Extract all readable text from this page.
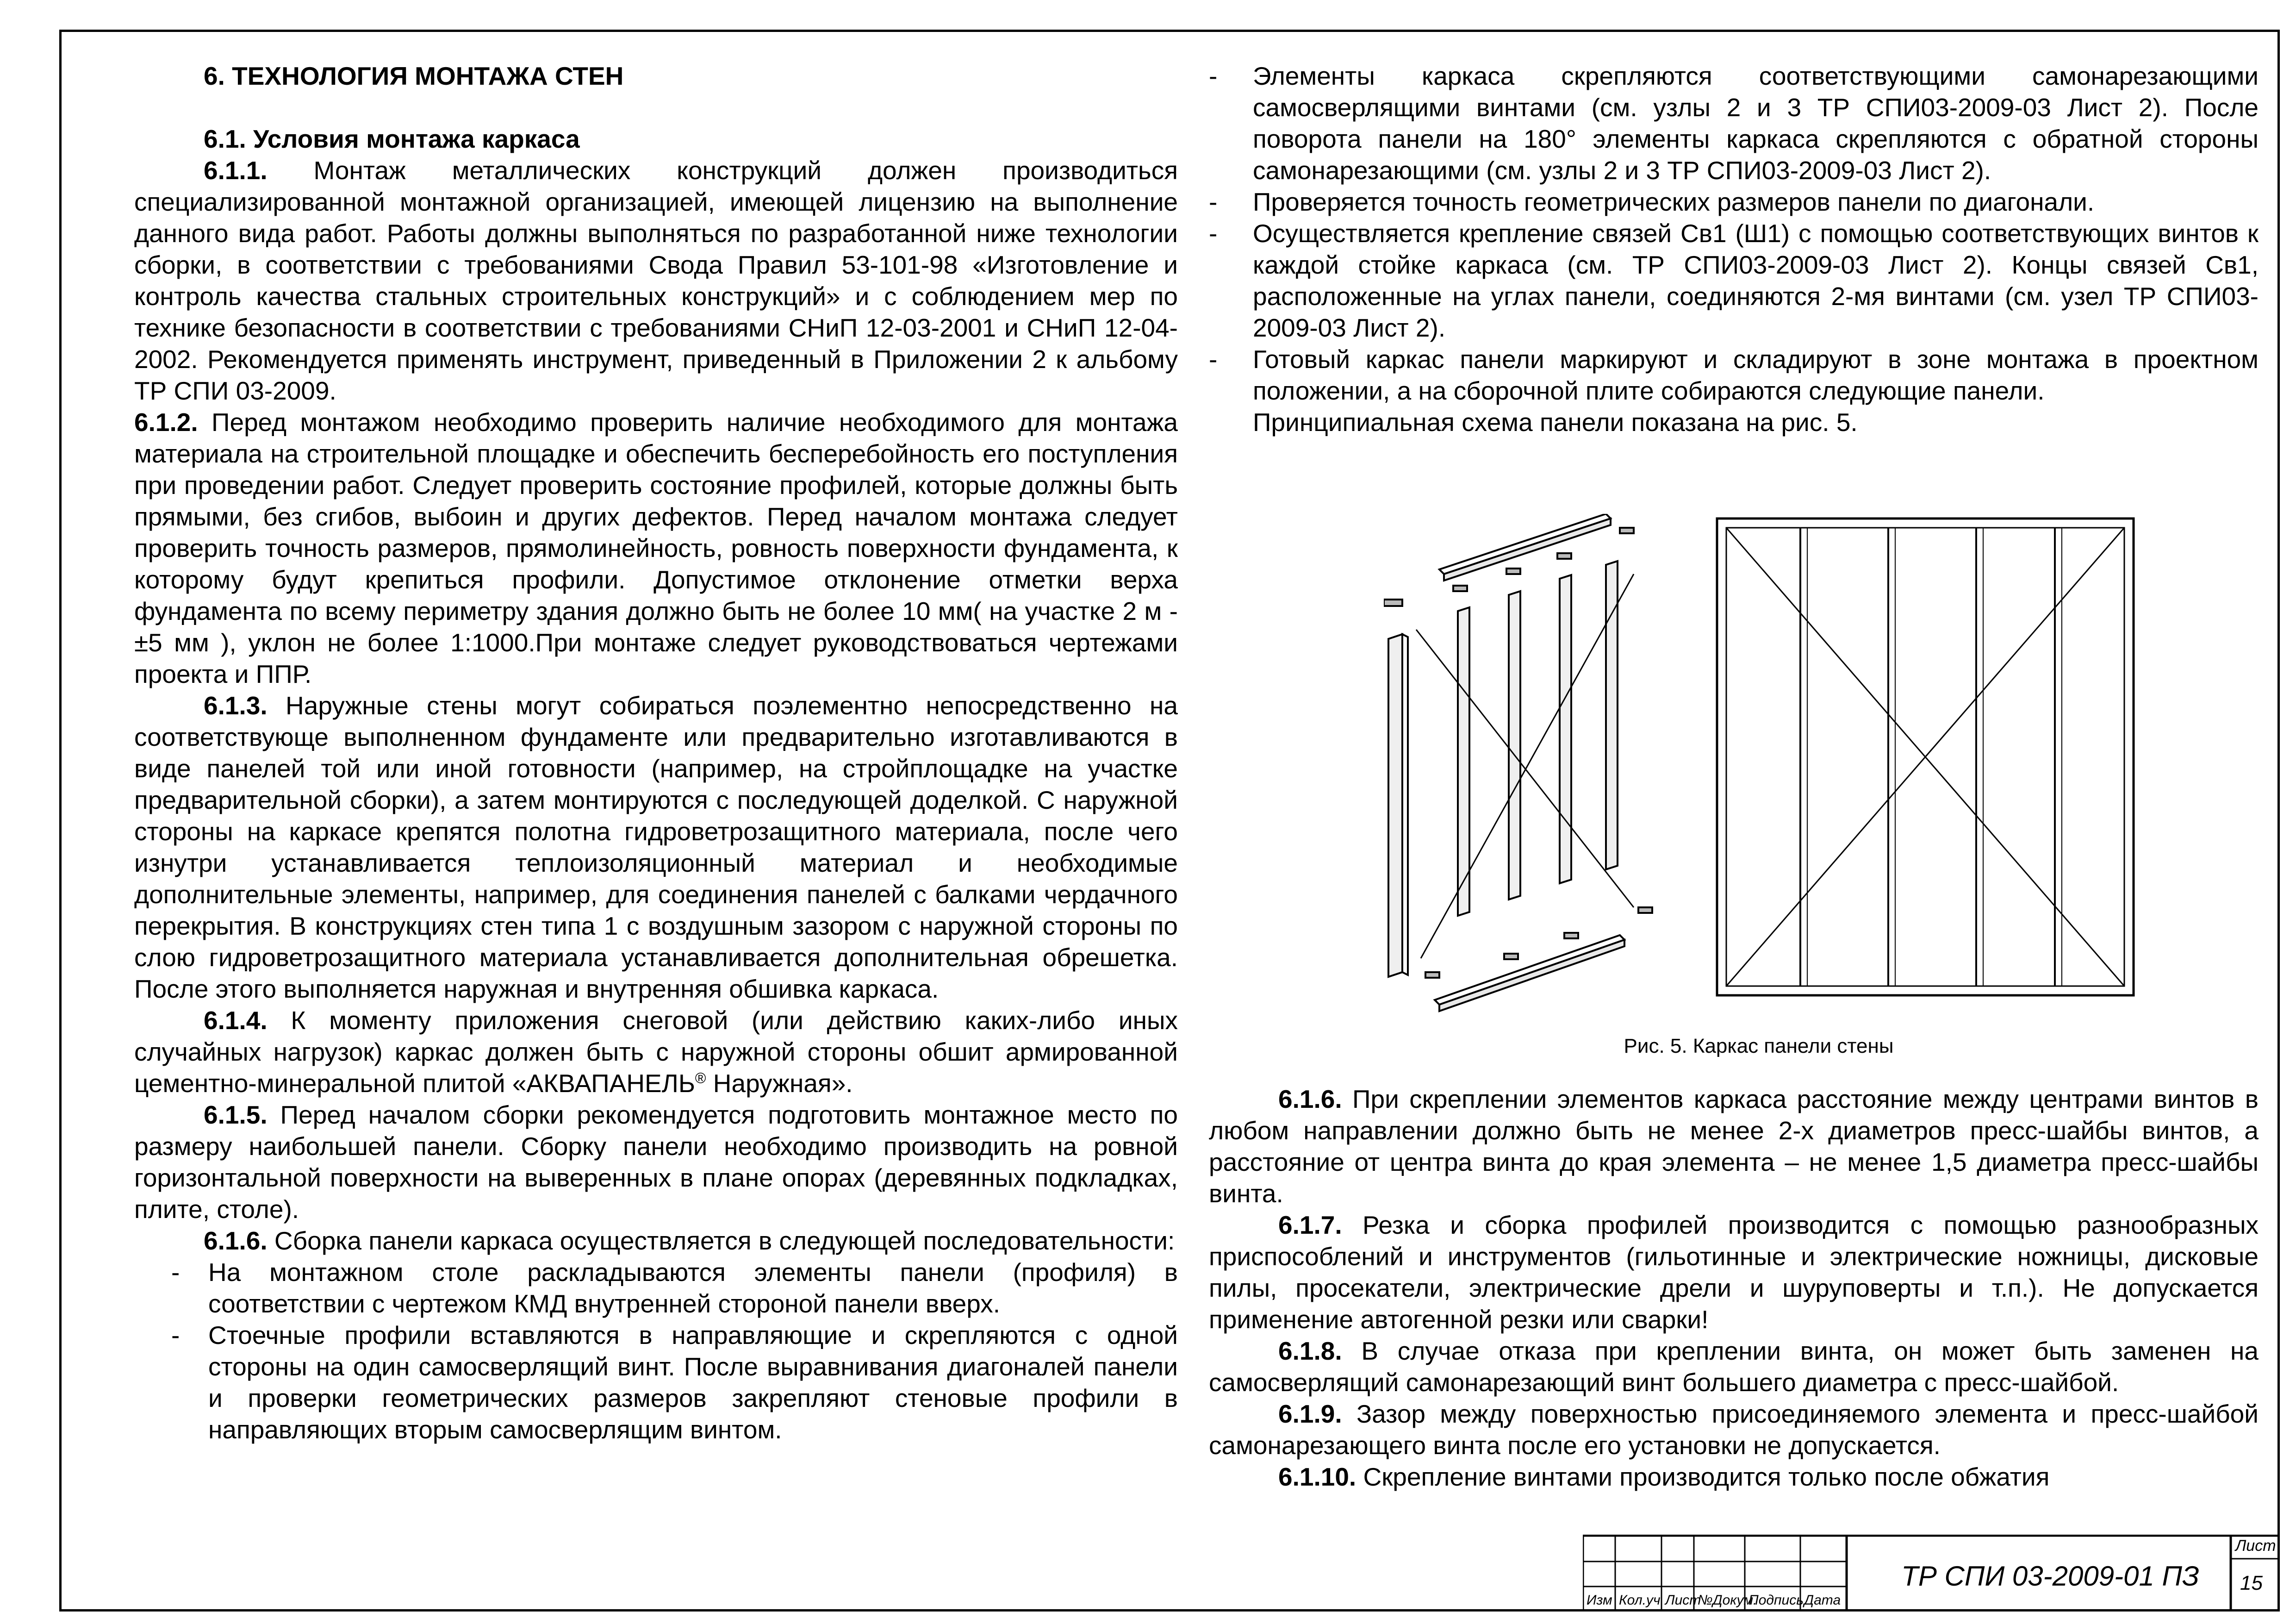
6. ТЕХНОЛОГИЯ МОНТАЖА СТЕН

6.1. Условия монтажа каркаса

6.1.1. Монтаж металлических конструкций должен производиться специализированной монтажной организацией, имеющей лицензию на выполнение данного вида работ. Работы должны выполняться по разработанной ниже технологии сборки, в соответствии с требованиями Свода Правил 53-101-98 «Изготовление и контроль качества стальных строительных конструкций» и с соблюдением мер по технике безопасности в соответствии с требованиями СНиП 12-03-2001 и СНиП 12-04-2002. Рекомендуется применять инструмент, приведенный в Приложении 2 к альбому ТР СПИ 03-2009.

6.1.2. Перед монтажом необходимо проверить наличие необходимого для монтажа материала на строительной площадке и обеспечить бесперебойность его поступления при проведении работ. Следует проверить состояние профилей, которые должны быть прямыми, без сгибов, выбоин и других дефектов. Перед началом монтажа следует проверить точность размеров, прямолинейность, ровность поверхности фундамента, к которому будут крепиться профили. Допустимое отклонение отметки верха фундамента по всему периметру здания должно быть не более 10 мм( на участке 2 м - ±5 мм ), уклон не более 1:1000.При монтаже следует руководствоваться чертежами проекта и ППР.

6.1.3. Наружные стены могут собираться поэлементно непосредственно на соответствующе выполненном фундаменте или предварительно изготавливаются в виде панелей той или иной готовности (например, на стройплощадке на участке предварительной сборки), а затем монтируются с последующей доделкой. С наружной стороны на каркасе крепятся полотна гидроветрозащитного материала, после чего изнутри устанавливается теплоизоляционный материал и необходимые дополнительные элементы, например, для соединения панелей с балками чердачного перекрытия. В конструкциях стен типа 1 с воздушным зазором с наружной стороны по слою гидроветрозащитного материала устанавливается дополнительная обрешетка. После этого выполняется наружная и внутренняя обшивка каркаса.

6.1.4. К моменту приложения снеговой (или действию каких-либо иных случайных нагрузок) каркас должен быть с наружной стороны обшит армированной цементно-минеральной плитой «АКВАПАНЕЛЬ® Наружная».

6.1.5. Перед началом сборки рекомендуется подготовить монтажное место по размеру наибольшей панели. Сборку панели необходимо производить на ровной горизонтальной поверхности на выверенных в плане опорах (деревянных подкладках, плите, столе).

6.1.6. Сборка панели каркаса осуществляется в следующей последовательности:

- На монтажном столе раскладываются элементы панели (профиля) в соответствии с чертежом КМД внутренней стороной панели вверх.

- Стоечные профили вставляются в направляющие и скрепляются с одной стороны на один самосверлящий винт. После выравнивания диагоналей панели и проверки геометрических размеров закрепляют стеновые профили в направляющих вторым самосверлящим винтом.

- Элементы каркаса скрепляются соответствующими самонарезающими самосверлящими винтами (см. узлы 2 и 3 ТР СПИ03-2009-03 Лист 2). После поворота панели на 180° элементы каркаса скрепляются с обратной стороны самонарезающими (см. узлы 2 и 3 ТР СПИ03-2009-03 Лист 2).

- Проверяется точность геометрических размеров панели по диагонали.

- Осуществляется крепление связей Св1 (Ш1) с помощью соответствующих винтов к каждой стойке каркаса (см. ТР СПИ03-2009-03 Лист 2). Концы связей Св1, расположенные на углах панели, соединяются 2-мя винтами (см. узел ТР СПИ03-2009-03 Лист 2).

- Готовый каркас панели маркируют и складируют в зоне монтажа в проектном положении, а на сборочной плите собираются следующие панели.

Принципиальная схема панели показана на рис. 5.

Рис. 5. Каркас панели стены

6.1.6. При скреплении элементов каркаса расстояние между центрами винтов в любом направлении должно быть не менее 2-х диаметров пресс-шайбы винтов, а расстояние от центра винта до края элемента – не менее 1,5 диаметра пресс-шайбы винта.

6.1.7. Резка и сборка профилей производится с помощью разнообразных приспособлений и инструментов (гильотинные и электрические ножницы, дисковые пилы, просекатели, электрические дрели и шуруповерты и т.п.). Не допускается применение автогенной резки или сварки!

6.1.8. В случае отказа при креплении винта, он может быть заменен на самосверлящий самонарезающий винт большего диаметра с пресс-шайбой.

6.1.9. Зазор между поверхностью присоединяемого элемента и пресс-шайбой самонарезающего винта после его установки не допускается.

6.1.10. Скрепление винтами производится только после обжатия

ТР СПИ 03-2009-01 ПЗ
Изм Кол.уч Лист
№Докум.
Подпись Дата
Лист
15
